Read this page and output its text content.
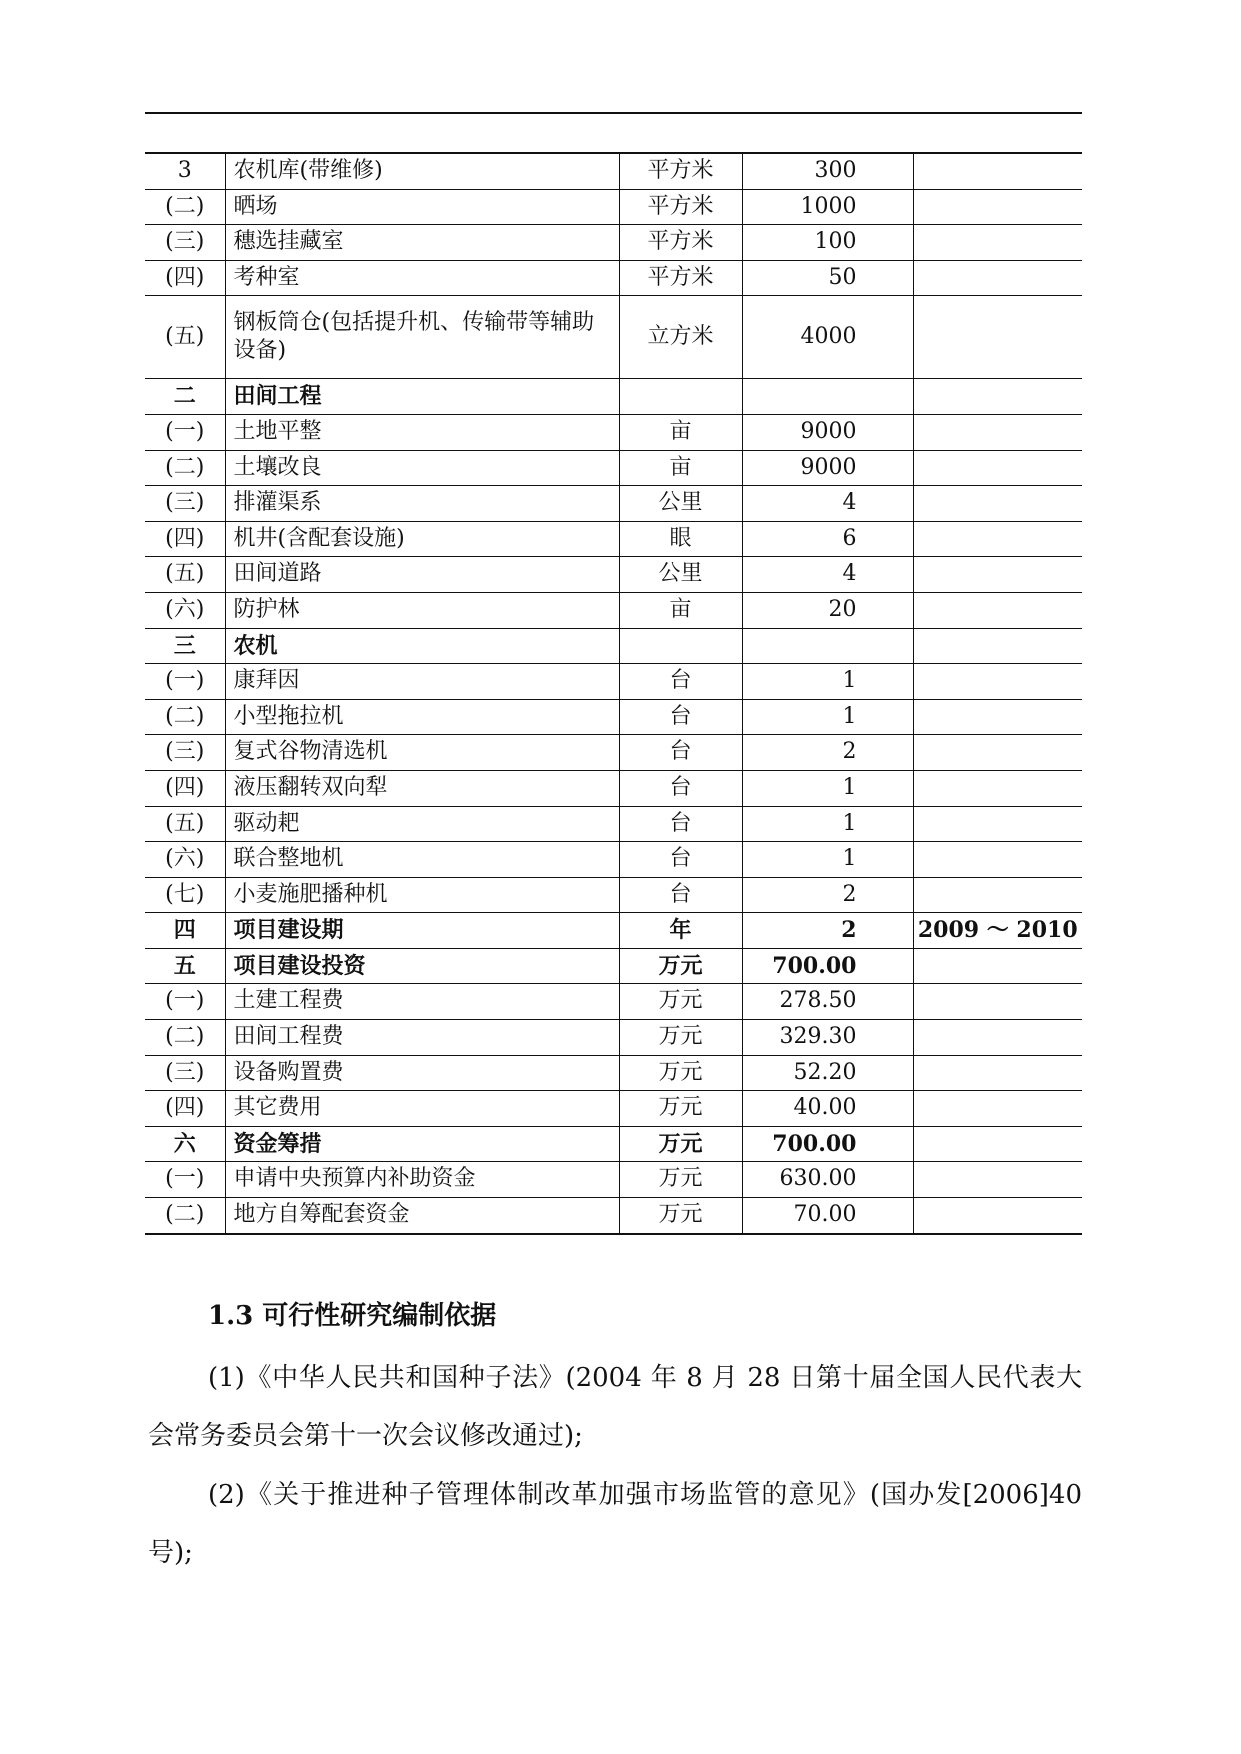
3	农机库(带维修)	平方米	300	
(二)	晒场	平方米	1000	
(三)	穗选挂藏室	平方米	100	
(四)	考种室	平方米	50	
(五)	钢板筒仓(包括提升机、传输带等辅助设备)	立方米	4000	
二	田间工程			
(一)	土地平整	亩	9000	
(二)	土壤改良	亩	9000	
(三)	排灌渠系	公里	4	
(四)	机井(含配套设施)	眼	6	
(五)	田间道路	公里	4	
(六)	防护林	亩	20	
三	农机			
(一)	康拜因	台	1	
(二)	小型拖拉机	台	1	
(三)	复式谷物清选机	台	2	
(四)	液压翻转双向犁	台	1	
(五)	驱动耙	台	1	
(六)	联合整地机	台	1	
(七)	小麦施肥播种机	台	2	
四	项目建设期	年	2	2009 ～ 2010
五	项目建设投资	万元	700.00	
(一)	土建工程费	万元	278.50	
(二)	田间工程费	万元	329.30	
(三)	设备购置费	万元	52.20	
(四)	其它费用	万元	40.00	
六	资金筹措	万元	700.00	
(一)	申请中央预算内补助资金	万元	630.00	
(二)	地方自筹配套资金	万元	70.00	
1.3 可行性研究编制依据

(1)《中华人民共和国种子法》(2004 年 8 月 28 日第十届全国人民代表大会常务委员会第十一次会议修改通过);

(2)《关于推进种子管理体制改革加强市场监管的意见》(国办发[2006]40 号);
